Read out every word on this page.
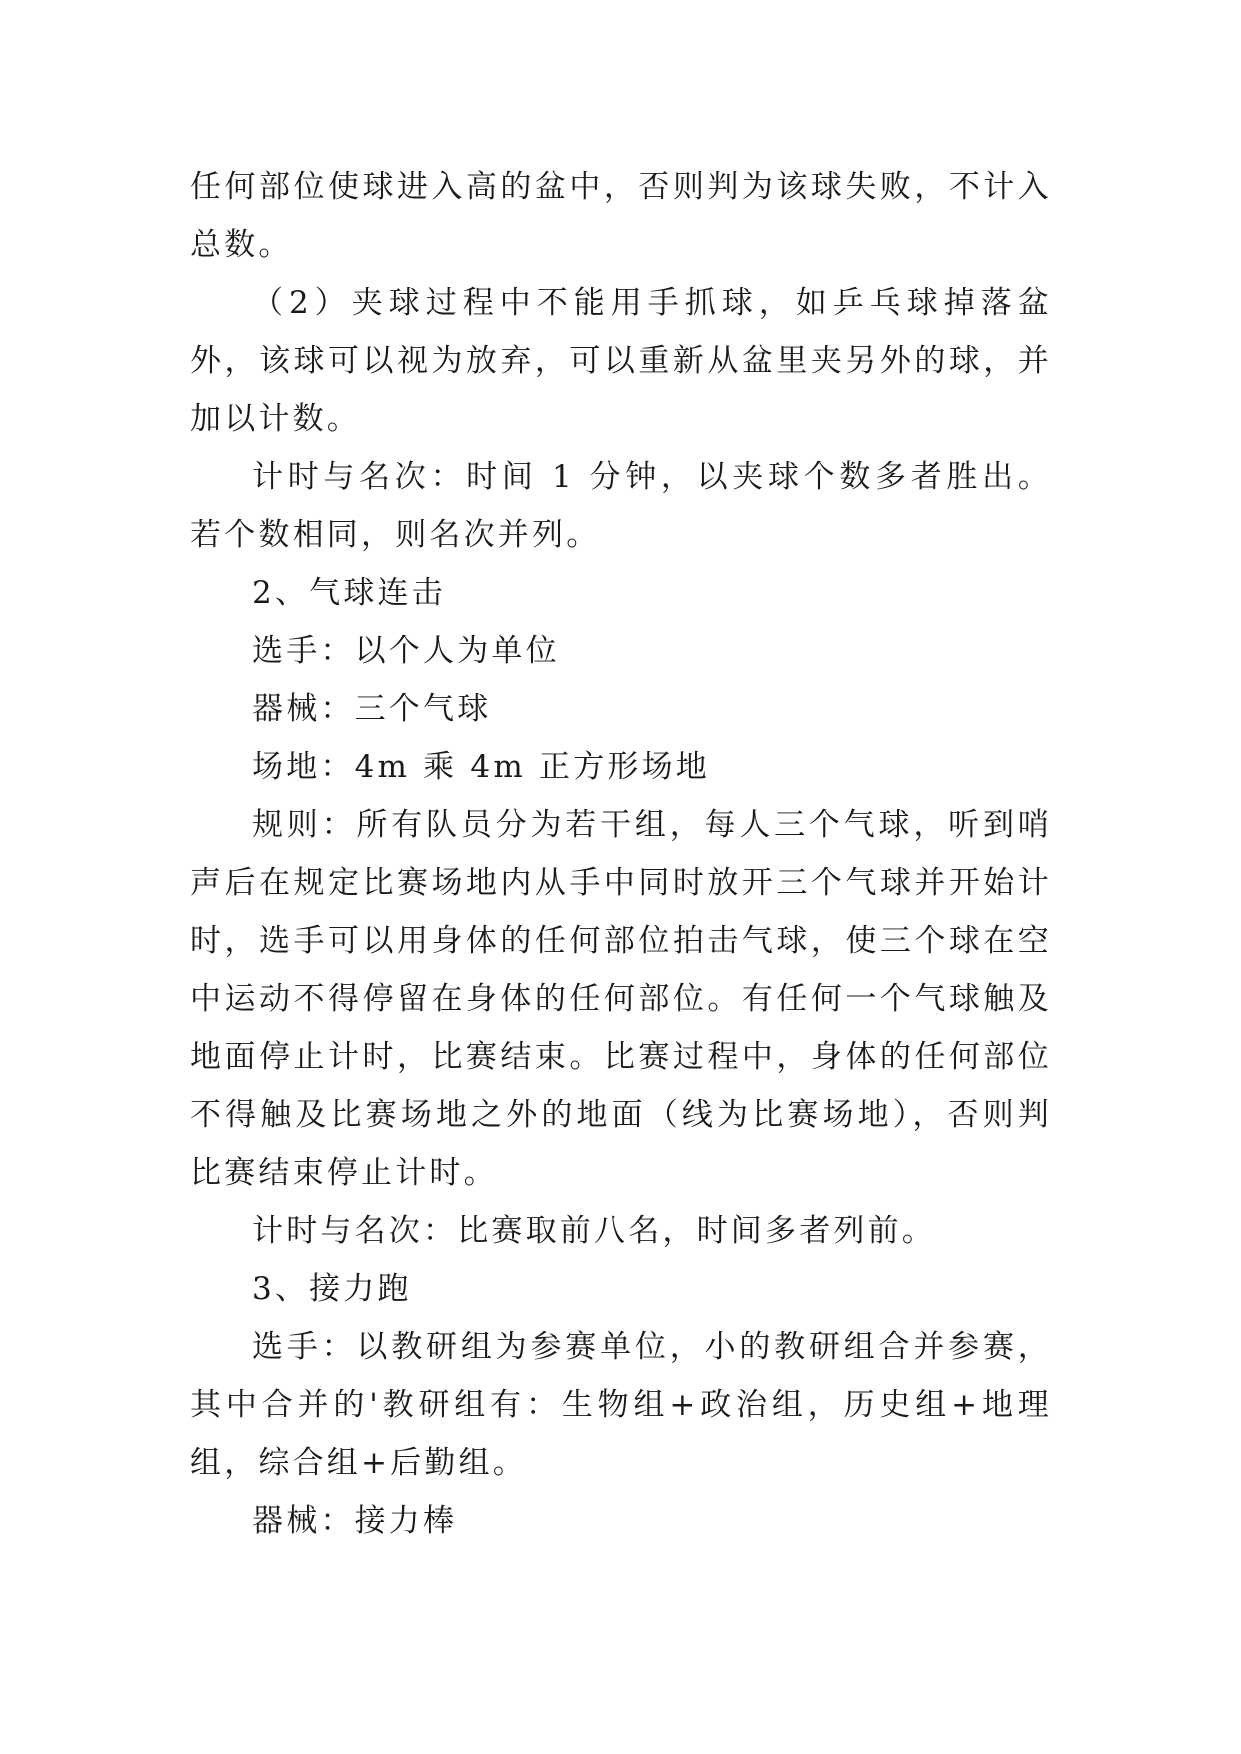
任何部位使球进入高的盆中，否则判为该球失败，不计入总数。

（2）夹球过程中不能用手抓球，如乒乓球掉落盆外，该球可以视为放弃，可以重新从盆里夹另外的球，并加以计数。

计时与名次：时间 1 分钟，以夹球个数多者胜出。若个数相同，则名次并列。

2、气球连击

选手：以个人为单位

器械：三个气球

场地：4m 乘 4m 正方形场地

规则：所有队员分为若干组，每人三个气球，听到哨声后在规定比赛场地内从手中同时放开三个气球并开始计时，选手可以用身体的任何部位拍击气球，使三个球在空中运动不得停留在身体的任何部位。有任何一个气球触及地面停止计时，比赛结束。比赛过程中，身体的任何部位不得触及比赛场地之外的地面（线为比赛场地），否则判比赛结束停止计时。

计时与名次：比赛取前八名，时间多者列前。

3、接力跑

选手：以教研组为参赛单位，小的教研组合并参赛，其中合并的'教研组有：生物组+政治组，历史组+地理组，综合组+后勤组。

器械：接力棒
